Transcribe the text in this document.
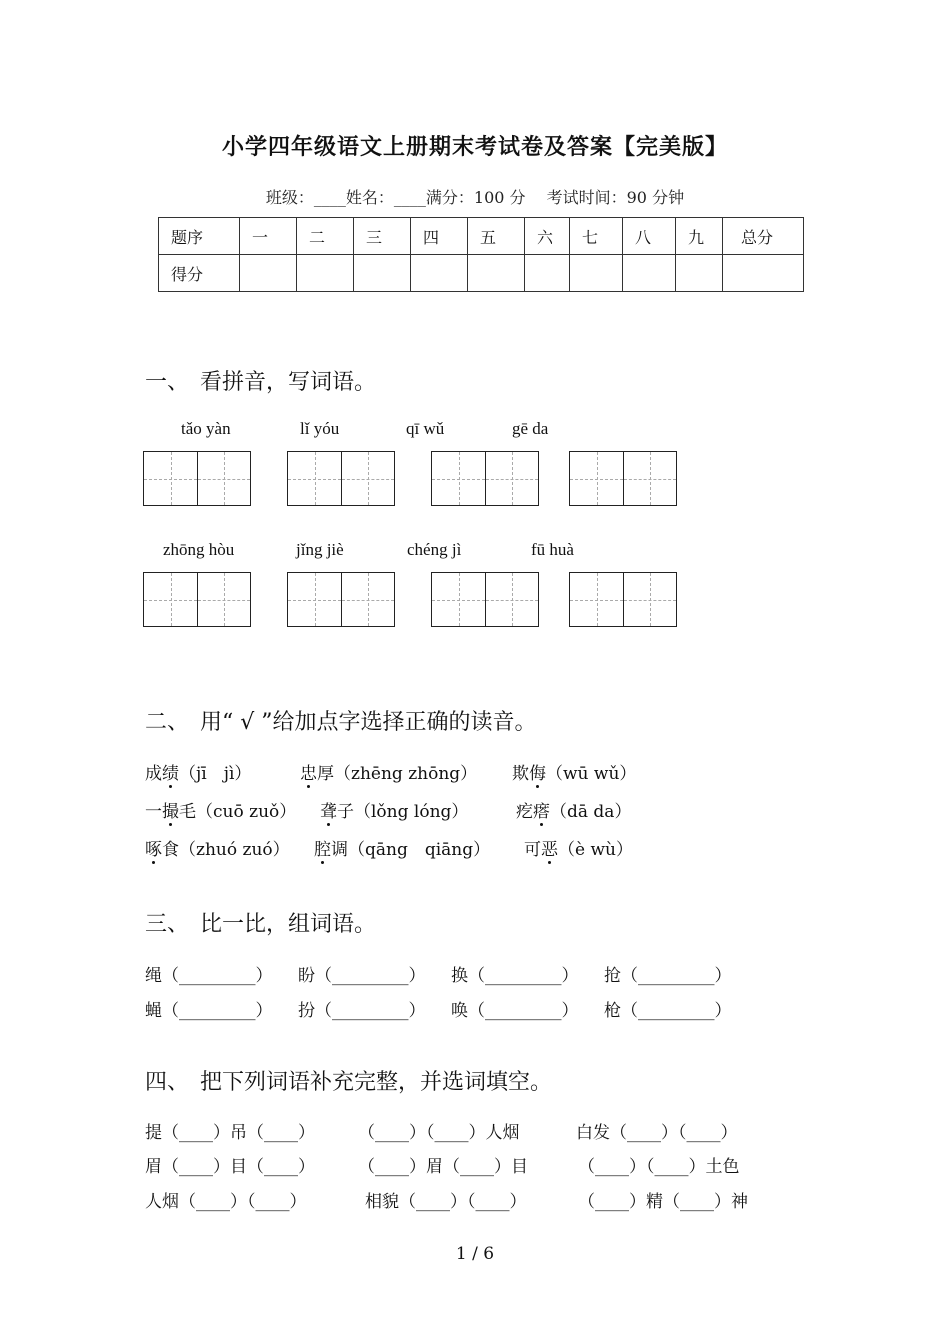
小学四年级语文上册期末考试卷及答案【完美版】
班级：____姓名：____满分：100 分　 考试时间：90 分钟
题序	一	二	三	四	五	六	七	八	九	总分
得分										
一、　看拼音，写词语。
tǎo yàn	lǐ yóu	qī wǔ	gē da
zhōng hòu	jǐng jiè	chéng jì	fū huà
二、　用“ √ ”给加点字选择正确的读音。
成绩（jī　jì）	忠厚（zhēng zhōng） 欺侮（wū wǔ）
一撮毛（cuō zuǒ） 聋子（lǒng lóng）	疙瘩（dā da）
啄食（zhuó zuó） 腔调（qāng　qiāng） 可恶（è wù）
三、　比一比，组词语。
绳（_________） 盼（_________） 换（_________） 抢（_________）
蝇（_________） 扮（_________） 唤（_________） 枪（_________）
四、　把下列词语补充完整，并选词填空。
提（____）吊（____）	（____）（____）人烟	白发（____）（____）
眉（____）目（____）	（____）眉（____）目	（____）（____）土色
人烟（____）（____）	相貌（____）（____）	（____）精（____）神
1 / 6
